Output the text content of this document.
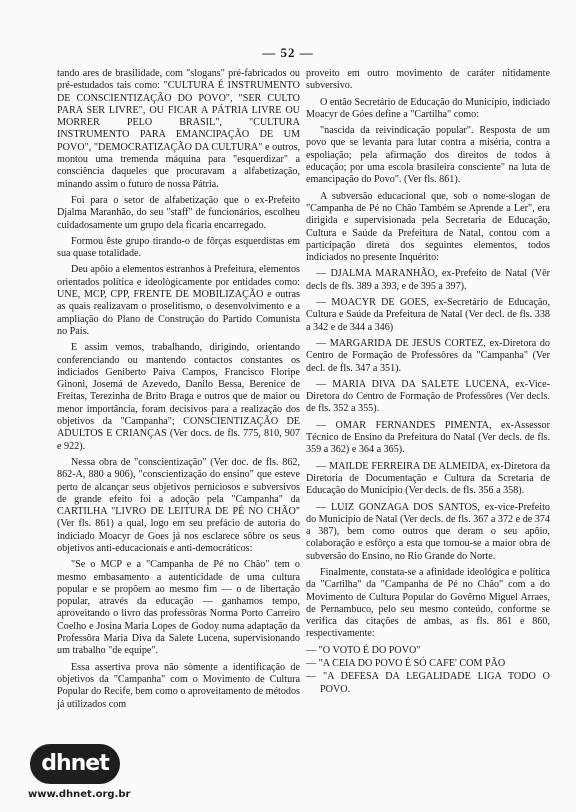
— 52 —

tando ares de brasilidade, com "slogans" pré-fabricados ou pré-estudados tais como: "CULTURA É INSTRUMENTO DE CONSCIENTIZAÇÃO DO POVO", "SER CULTO PARA SER LIVRE", OU FICAR A PÁTRIA LIVRE OU MORRER PELO BRASIL", "CULTURA INSTRUMENTO PARA EMANCIPAÇÃO DE UM POVO", "DEMOCRATIZAÇÃO DA CULTURA" e outros, montou uma tremenda máquina para "esquerdizar" a consciência daqueles que procuravam a alfabetização, minando assim o futuro de nossa Pátria.

Foi para o setor de alfabetização que o ex-Prefeito Djalma Maranhão, do seu "staff" de funcionários, escolheu cuidadosamente um grupo dela ficaria encarregado.

Formou êste grupo tirando-o de fôrças esquerdistas em sua quase totalidade.

Deu apôio a elementos estranhos à Prefeitura, elementos orientados política e ideològicamente por entidades como: UNE, MCP, CPP, FRENTE DE MOBILIZAÇÃO e outras as quais realizavam o proselitismo, o desenvolvimento e a ampliação do Plano de Construção do Partido Comunista no País.

E assim vemos, trabalhando, dirigindo, orientando conferenciando ou mantendo contactos constantes os indiciados Geniberto Paiva Campos, Francisco Floripe Ginoni, Josemá de Azevedo, Danilo Bessa, Berenice de Freitas, Terezinha de Brito Braga e outros que de maior ou menor importância, foram decisivos para a realização dos objetivos da "Campanha"; CONSCIENTIZAÇÃO DE ADULTOS E CRIANÇAS (Ver docs. de fls. 775, 810, 907 e 922).

Nessa obra de "conscientização" (Ver doc. de fls. 862, 862-A, 880 a 906), "conscientização do ensino" que esteve perto de alcançar seus objetivos perniciosos e subversivos de grande efeito foi a adoção pela "Campanha" da CARTILHA "LIVRO DE LEITURA DE PÉ NO CHÃO" (Ver fls. 861) a qual, logo em seu prefácio de autoria do indiciado Moacyr de Goes já nos esclarece sôbre os seus objetivos anti-educacionais e anti-democráticos:

"Se o MCP e a "Campanha de Pé no Chão" tem o mesmo embasamento a autenticidade de uma cultura popular e se propõem ao mesmo fim — o de libertação popular, através da educação — ganhamos tempo, aproveitando o livro das professôras Norma Porto Carreiro Coelho e Josina Maria Lopes de Godoy numa adaptação da Professôra Maria Diva da Salete Lucena, supervisionando um trabalho "de equipe".

Essa assertiva prova não sòmente a identificação de objetivos da "Campanha" com o Movimento de Cultura Popular do Recife, bem como o aproveitamento de métodos já utilizados com

proveito em outro movimento de caráter nitidamente subversivo.

O então Secretário de Educação do Município, indiciado Moacyr de Góes define a "Cartilha" como:

"nascida da reivindicação popular". Resposta de um povo que se levanta para lutar contra a miséria, contra a espoliação; pela afirmação dos direitos de todos à educação; por uma escola brasileira consciente" na luta de emancipação do Povo". (Ver fls. 861).

A subversão educacional que, sob o nome-slogan de "Campanha de Pé no Chão Também se Aprende a Ler", era dirigida e supervisionada pela Secretaria de Educação, Cultura e Saúde da Prefeitura de Natal, contou com a participação direta dos seguintes elementos, todos indiciados no presente Inquérito:

— DJALMA MARANHÃO, ex-Prefeito de Natal (Vêr decls de fls. 389 a 393, e de 395 a 397).
— MOACYR DE GOES, ex-Secretário de Educação, Cultura e Saúde da Prefeitura de Natal (Ver decl. de fls. 338 a 342 e de 344 a 346)
— MARGARIDA DE JESUS CORTEZ, ex-Diretora do Centro de Formação de Professôres da "Campanha" (Ver decl. de fls. 347 a 351).
— MARIA DIVA DA SALETE LUCENA, ex-Vice-Diretora do Centro de Formação de Professôres (Ver decls. de fls. 352 a 355).
— OMAR FERNANDES PIMENTA, ex-Assessor Técnico de Ensino da Prefeitura do Natal (Ver decls. de fls. 359 a 362) e 364 a 365).
— MAILDE FERREIRA DE ALMEIDA, ex-Diretora da Diretoria de Documentação e Cultura da Scretaria de Educação do Município (Ver decls. de fls. 356 a 358).
— LUIZ GONZAGA DOS SANTOS, ex-vice-Prefeito do Município de Natal (Ver decls. de fls. 367 a 372 e de 374 a 387), bem como outros que deram o seu apôio, colaboração e esfôrço a esta que tornou-se a maior obra de subversão do Ensino, no Rio Grande do Norte.

Finalmente, constata-se a afinidade ideológica e política da "Cartilha" da "Campanha de Pé no Chão" com a do Movimento de Cultura Popular do Govêrno Miguel Arraes, de Pernambuco, pelo seu mesmo conteúdo, conforme se verifica das citações de ambas, as fls. 861 e 860, respectivamente:

— "O VOTO É DO POVO"
— "A CEIA DO POVO É SÓ CAFE' COM PÃO
— "A DEFESA DA LEGALIDADE LIGA TODO O POVO.
dhnet
www.dhnet.org.br
